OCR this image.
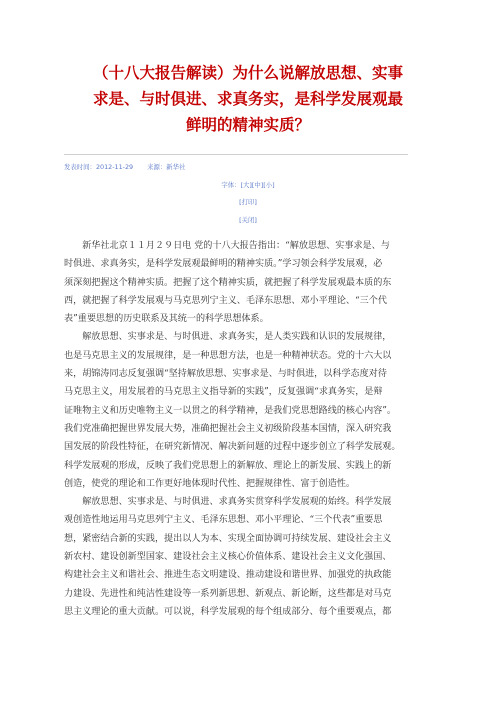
（十八大报告解读）为什么说解放思想、实事
求是、与时俱进、求真务实，是科学发展观最
鲜明的精神实质？
发表时间：2012-11-29 来源：新华社
字体：[大][中][小]
[打印]
[关闭]

新华社北京１１月２９日电 党的十八大报告指出：“解放思想、实事求是、与
时俱进、求真务实，是科学发展观最鲜明的精神实质。”学习领会科学发展观，必
须深刻把握这个精神实质。把握了这个精神实质，就把握了科学发展观最本质的东
西，就把握了科学发展观与马克思列宁主义、毛泽东思想、邓小平理论、“三个代
表”重要思想的历史联系及其统一的科学思想体系。

解放思想、实事求是、与时俱进、求真务实，是人类实践和认识的发展规律，
也是马克思主义的发展规律，是一种思想方法，也是一种精神状态。党的十六大以
来，胡锦涛同志反复强调“坚持解放思想、实事求是、与时俱进，以科学态度对待
马克思主义，用发展着的马克思主义指导新的实践”，反复强调“求真务实，是辩
证唯物主义和历史唯物主义一以贯之的科学精神，是我们党思想路线的核心内容”。
我们党准确把握世界发展大势，准确把握社会主义初级阶段基本国情，深入研究我
国发展的阶段性特征，在研究新情况、解决新问题的过程中逐步创立了科学发展观。
科学发展观的形成，反映了我们党思想上的新解放、理论上的新发展、实践上的新
创造，使党的理论和工作更好地体现时代性、把握规律性、富于创造性。

解放思想、实事求是、与时俱进、求真务实贯穿科学发展观的始终。科学发展
观创造性地运用马克思列宁主义、毛泽东思想、邓小平理论、“三个代表”重要思
想，紧密结合新的实践，提出以人为本、实现全面协调可持续发展、建设社会主义
新农村、建设创新型国家、建设社会主义核心价值体系、建设社会主义文化强国、
构建社会主义和谐社会、推进生态文明建设、推动建设和谐世界、加强党的执政能
力建设、先进性和纯洁性建设等一系列新思想、新观点、新论断，这些都是对马克
思主义理论的重大贡献。可以说，科学发展观的每个组成部分、每个重要观点，都
